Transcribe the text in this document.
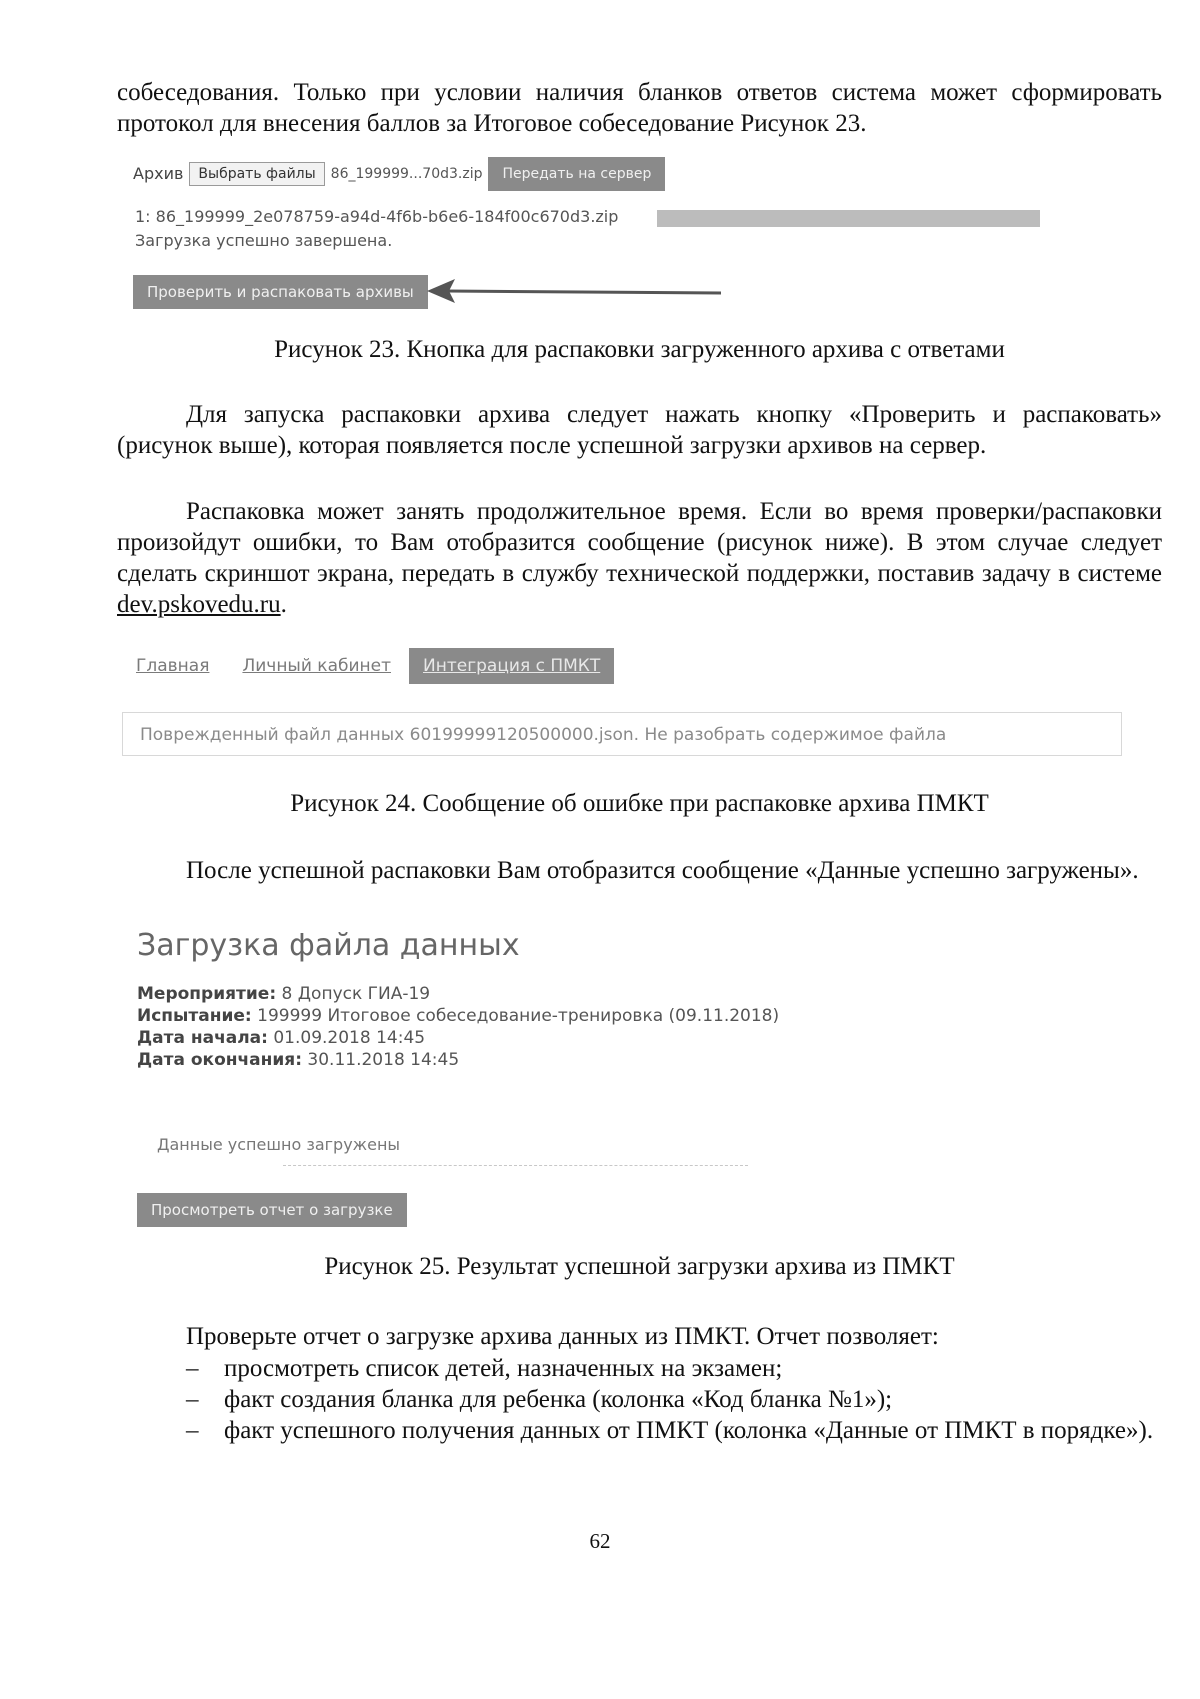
собеседования. Только при условии наличия бланков ответов система может сформировать протокол для внесения баллов за Итоговое собеседование Рисунок 23.

Архив	Выбрать файлы	86_199999...70d3.zip	Передать на сервер
1: 86_199999_2e078759-a94d-4f6b-b6e6-184f00c670d3.zip
Загрузка успешно завершена.
Проверить и распаковать архивы
Рисунок 23. Кнопка для распаковки загруженного архива с ответами

Для запуска распаковки архива следует нажать кнопку «Проверить и распаковать» (рисунок выше), которая появляется после успешной загрузки архивов на сервер.

Распаковка может занять продолжительное время. Если во время проверки/распаковки произойдут ошибки, то Вам отобразится сообщение (рисунок ниже). В этом случае следует сделать скриншот экрана, передать в службу технической поддержки, поставив задачу в системе dev.pskovedu.ru.

Главная Личный кабинет	Интеграция с ПМКТ
Поврежденный файл данных 60199999120500000.json. Не разобрать содержимое файла
Рисунок 24. Сообщение об ошибке при распаковке архива ПМКТ

После успешной распаковки Вам отобразится сообщение «Данные успешно загружены».

Загрузка файла данных
Мероприятие: 8 Допуск ГИА-19
Испытание: 199999 Итоговое собеседование-тренировка (09.11.2018)
Дата начала: 01.09.2018 14:45
Дата окончания: 30.11.2018 14:45
Данные успешно загружены
Просмотреть отчет о загрузке
Рисунок 25. Результат успешной загрузки архива из ПМКТ

Проверьте отчет о загрузке архива данных из ПМКТ. Отчет позволяет:

– просмотреть список детей, назначенных на экзамен;
– факт создания бланка для ребенка (колонка «Код бланка №1»);
– факт успешного получения данных от ПМКТ (колонка «Данные от ПМКТ в порядке»).
62
